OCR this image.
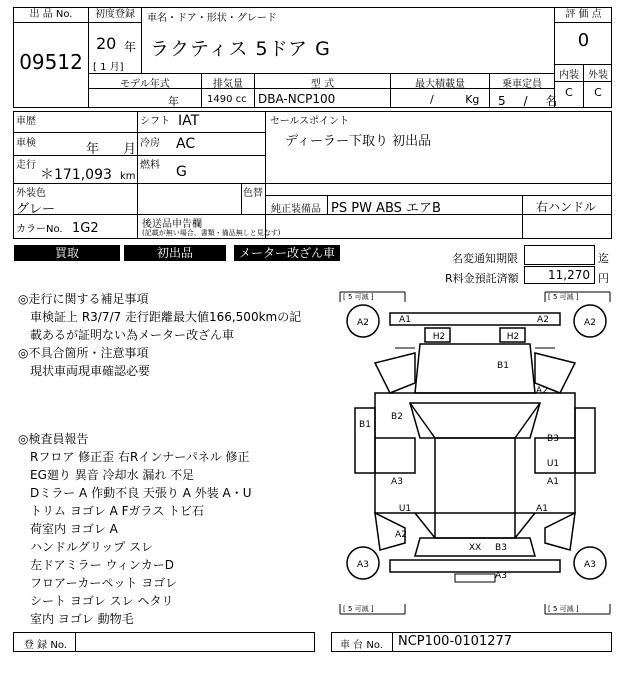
出 品 No.
09512
初度登録
20 年
[ 1 月]
車名・ドア・形状・グレード
ラクティス 5ドア G
評 価 点
0
内装 外装
C	C
モデル年式	排気量	型 式	最大積載量	乗車定員
年	1490 cc DBA-NCP100	/ Kg 5 / 名
車歴
車検	年 月
走行
＊171,093 km
シフト IAT
冷房 AC
燃料 G
セールスポイント
ディーラー下取り 初出品
外装色
グレー
色替
純正装備品 PS PW ABS エアB	右ハンドル
カラーNo. 1G2	後送品申告欄
(記載が無い場合、書類・備品無しと見なす)
買取	初出品	メーター改ざん車	名変通知期限	迄
R料金預託済額	11,270 円
◎走行に関する補足事項
車検証上 R3/7/7 走行距離最大値166,500kmの記
載あるが証明ない為メーター改ざん車
◎不具合箇所・注意事項
現状車両現車確認必要
◎検査員報告
Rフロア 修正歪 右Rインナーパネル 修正
EG廻り 異音 冷却水 漏れ 不足
Dミラー A 作動不良 天張り A 外装 A・U
トリム ヨゴレ A Fガラス トビ石
荷室内 ヨゴレ A
ハンドルグリップ スレ
左ドアミラー ウィンカーD
フロアーカーペット ヨゴレ
シート ヨゴレ スレ ヘタリ
室内 ヨゴレ 動物毛
[ 5 可減 ]	[ 5 可減 ]
[ 5 可減 ]	[ 5 可減 ]
A2	A2
A3	A3
A1	A2
H2	H2
B1
A2
B1
B2
B3
U1
A1
A3
U1
A2
A1
XX B3
A3
登 録 No.	車 台 No. NCP100-0101277
